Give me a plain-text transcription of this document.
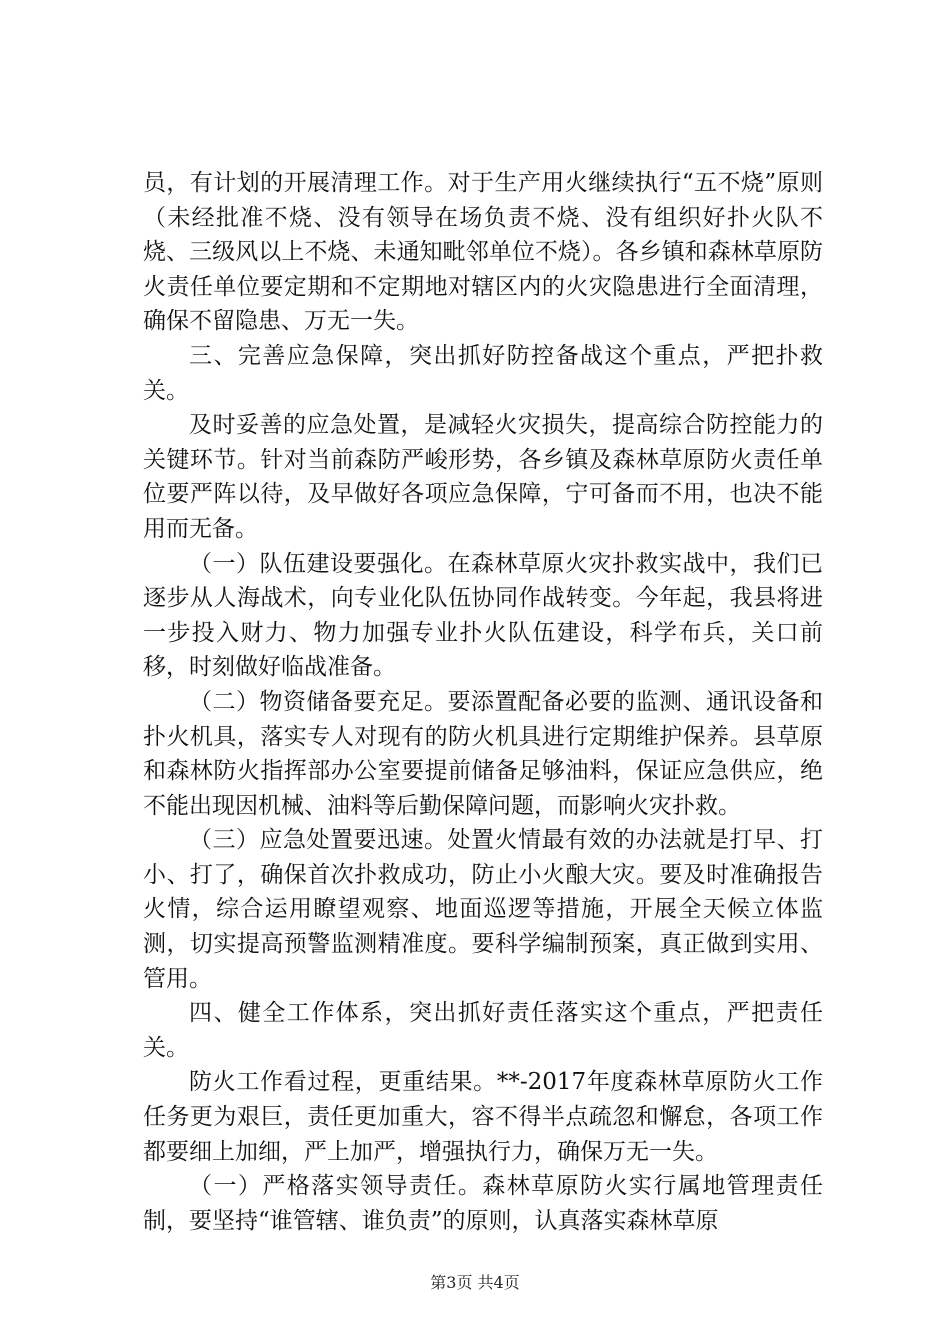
员，有计划的开展清理工作。对于生产用火继续执行“五不烧”原则（未经批准不烧、没有领导在场负责不烧、没有组织好扑火队不烧、三级风以上不烧、未通知毗邻单位不烧）。各乡镇和森林草原防火责任单位要定期和不定期地对辖区内的火灾隐患进行全面清理，确保不留隐患、万无一失。

三、完善应急保障，突出抓好防控备战这个重点，严把扑救关。

及时妥善的应急处置，是减轻火灾损失，提高综合防控能力的关键环节。针对当前森防严峻形势，各乡镇及森林草原防火责任单位要严阵以待，及早做好各项应急保障，宁可备而不用，也决不能用而无备。

（一）队伍建设要强化。在森林草原火灾扑救实战中，我们已逐步从人海战术，向专业化队伍协同作战转变。今年起，我县将进一步投入财力、物力加强专业扑火队伍建设，科学布兵，关口前移，时刻做好临战准备。

（二）物资储备要充足。要添置配备必要的监测、通讯设备和扑火机具，落实专人对现有的防火机具进行定期维护保养。县草原和森林防火指挥部办公室要提前储备足够油料，保证应急供应，绝不能出现因机械、油料等后勤保障问题，而影响火灾扑救。

（三）应急处置要迅速。处置火情最有效的办法就是打早、打小、打了，确保首次扑救成功，防止小火酿大灾。要及时准确报告火情，综合运用瞭望观察、地面巡逻等措施，开展全天候立体监测，切实提高预警监测精准度。要科学编制预案，真正做到实用、管用。

四、健全工作体系，突出抓好责任落实这个重点，严把责任关。

防火工作看过程，更重结果。**-2017年度森林草原防火工作任务更为艰巨，责任更加重大，容不得半点疏忽和懈怠，各项工作都要细上加细，严上加严，增强执行力，确保万无一失。

（一）严格落实领导责任。森林草原防火实行属地管理责任制，要坚持“谁管辖、谁负责”的原则，认真落实森林草原

第3页 共4页
